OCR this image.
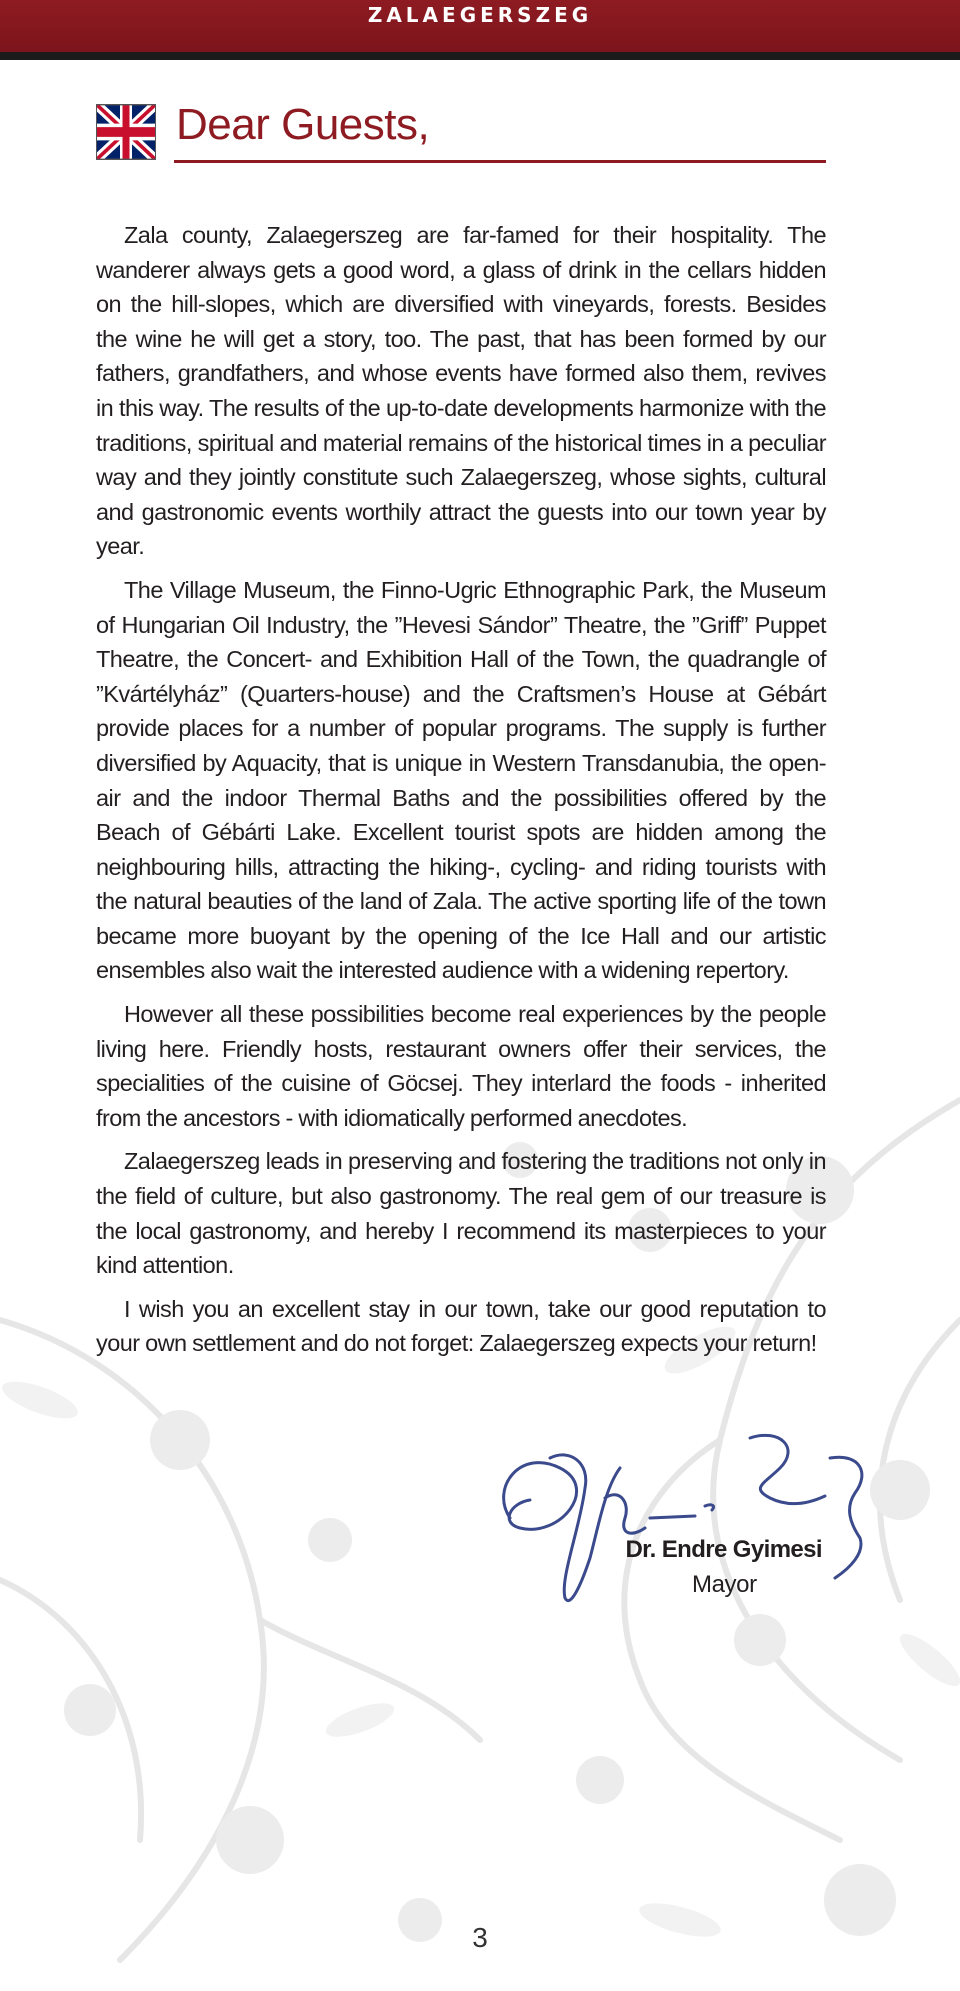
ZALAEGERSZEG
Dear Guests,

Zala county, Zalaegerszeg are far-famed for their hospitality. The wanderer always gets a good word, a glass of drink in the cellars hidden on the hill-slopes, which are diversified with vineyards, forests. Besides the wine he will get a story, too. The past, that has been formed by our fathers, grandfathers, and whose events have formed also them, revives in this way. The results of the up-to-date developments harmonize with the traditions, spiritual and material remains of the historical times in a peculiar way and they jointly constitute such Zalaegerszeg, whose sights, cultural and gastronomic events worthily attract the guests into our town year by year.

The Village Museum, the Finno-Ugric Ethnographic Park, the Museum of Hungarian Oil Industry, the ”Hevesi Sándor” Theatre, the ”Griff” Puppet Theatre, the Concert- and Exhibition Hall of the Town, the quadrangle of ”Kvártélyház” (Quarters-house) and the Craftsmen’s House at Gébárt provide places for a number of popular programs. The supply is further diversified by Aquacity, that is unique in Western Transdanubia, the open-air and the indoor Thermal Baths and the possibilities offered by the Beach of Gébárti Lake. Excellent tourist spots are hidden among the neighbouring hills, attracting the hiking-, cycling- and riding tourists with the natural beauties of the land of Zala. The active sporting life of the town became more buoyant by the opening of the Ice Hall and our artistic ensembles also wait the interested audience with a widening repertory.

However all these possibilities become real experiences by the people living here. Friendly hosts, restaurant owners offer their services, the specialities of the cuisine of Göcsej. They interlard the foods - inherited from the ancestors - with idiomatically performed anecdotes.

Zalaegerszeg leads in preserving and fostering the traditions not only in the field of culture, but also gastronomy. The real gem of our treasure is the local gastronomy, and hereby I recommend its masterpieces to your kind attention.

I wish you an excellent stay in our town, take our good reputation to your own settlement and do not forget: Zalaegerszeg expects your return!

Dr. Endre Gyimesi
Mayor
3
